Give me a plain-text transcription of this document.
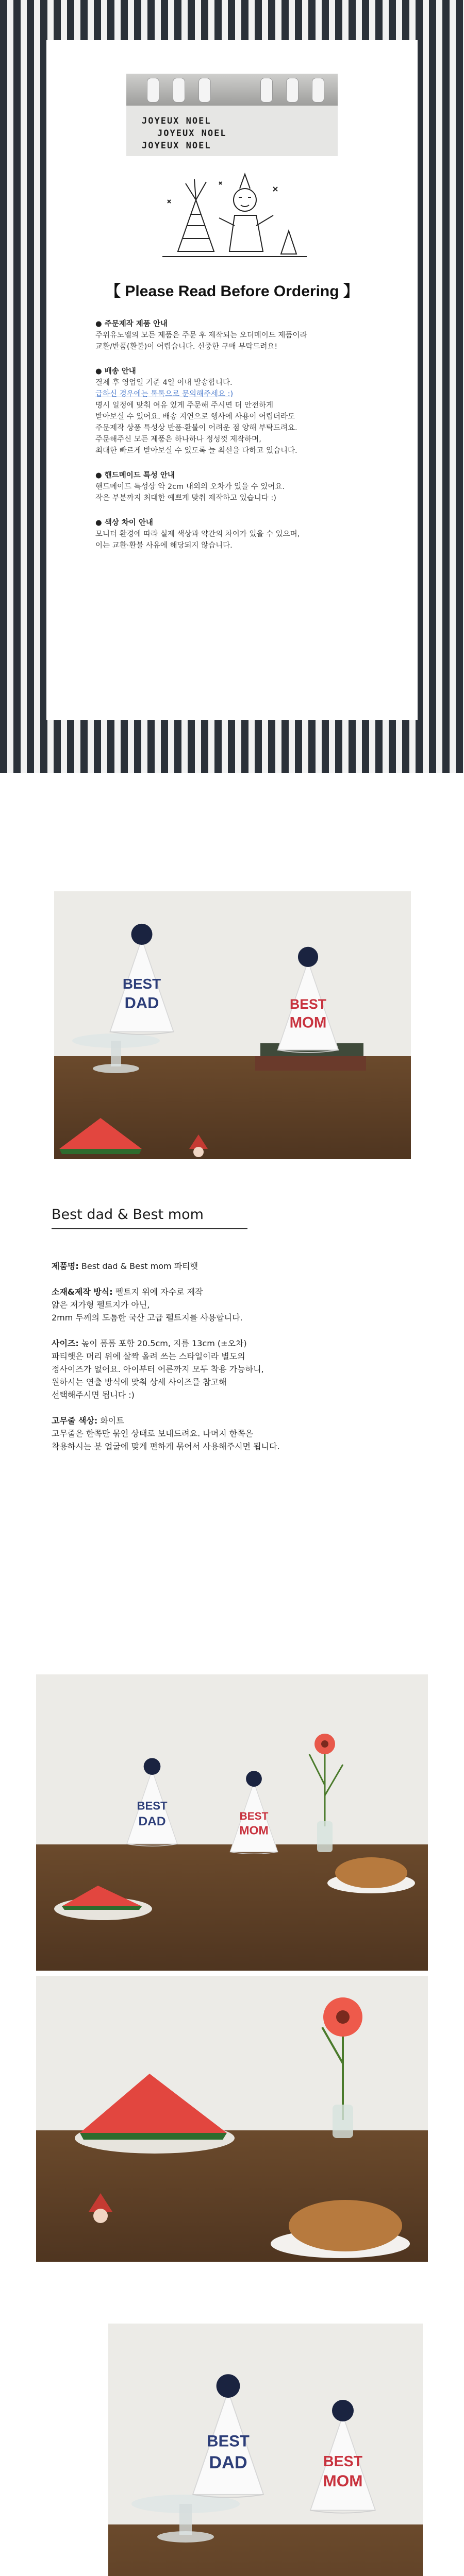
JOYEUX NOEL
JOYEUX NOEL
JOYEUX NOEL
【 Please Read Before Ordering 】
● 주문제작 제품 안내
주위유노엘의 모든 제품은 주문 후 제작되는 오더메이드 제품이라
교환/반품(환불)이 어렵습니다. 신중한 구매 부탁드려요!
● 배송 안내
결제 후 영업일 기준 4일 이내 발송합니다.
급하신 경우에는 톡톡으로 문의해주세요 :)
명시 일정에 맞춰 여유 있게 주문해 주시면 더 안전하게
받아보실 수 있어요. 배송 지연으로 행사에 사용이 어렵더라도
주문제작 상품 특성상 반품·환불이 어려운 점 양해 부탁드려요.
주문해주신 모든 제품은 하나하나 정성껏 제작하며,
최대한 빠르게 받아보실 수 있도록 늘 최선을 다하고 있습니다.
● 핸드메이드 특성 안내
핸드메이드 특성상 약 2cm 내외의 오차가 있을 수 있어요.
작은 부분까지 최대한 예쁘게 맞춰 제작하고 있습니다 :)
● 색상 차이 안내
모니터 환경에 따라 실제 색상과 약간의 차이가 있을 수 있으며,
이는 교환·환불 사유에 해당되지 않습니다.
BEST
DAD	BEST
MOM
Best dad & Best mom
제품명: Best dad & Best mom 파티햇
소재&제작 방식: 펠트지 위에 자수로 제작
얇은 저가형 펠트지가 아닌,
2mm 두께의 도톰한 국산 고급 펠트지를 사용합니다.
사이즈: 높이 폼폼 포함 20.5cm, 지름 13cm (±오차)
파티햇은 머리 위에 살짝 올려 쓰는 스타일이라 별도의
정사이즈가 없어요. 아이부터 어른까지 모두 착용 가능하니,
원하시는 연출 방식에 맞춰 상세 사이즈를 참고해
선택해주시면 됩니다 :)
고무줄 색상: 화이트
고무줄은 한쪽만 묶인 상태로 보내드려요. 나머지 한쪽은
착용하시는 분 얼굴에 맞게 편하게 묶어서 사용해주시면 됩니다.
BEST
DAD	BEST
MOM
BEST
DAD	BEST
MOM
